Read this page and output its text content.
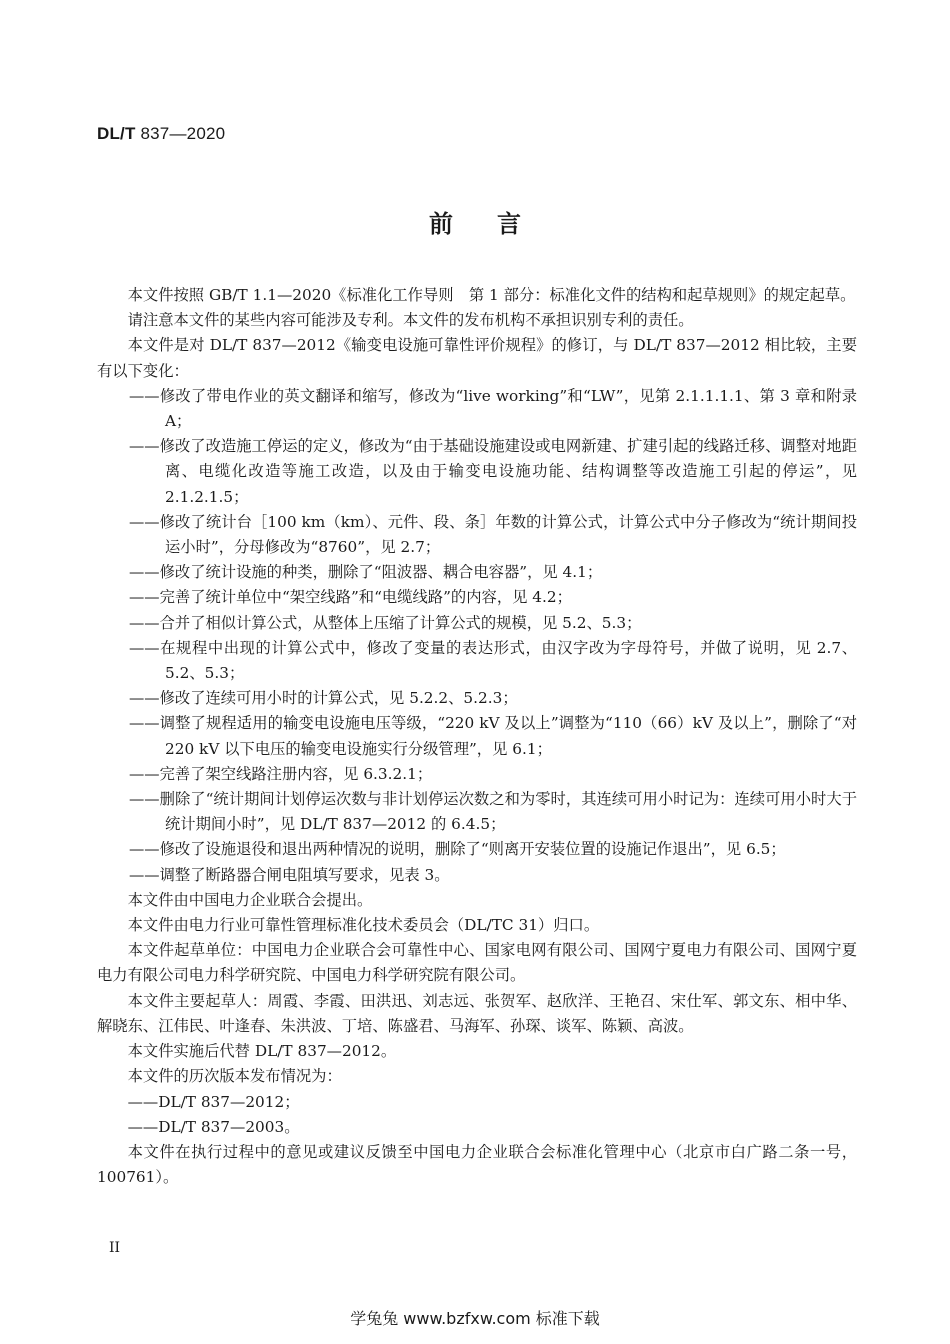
DL/T 837—2020
前言

本文件按照 GB/T 1.1—2020《标准化工作导则　第 1 部分：标准化文件的结构和起草规则》的规定起草。

请注意本文件的某些内容可能涉及专利。本文件的发布机构不承担识别专利的责任。

本文件是对 DL/T 837—2012《输变电设施可靠性评价规程》的修订，与 DL/T 837—2012 相比较，主要有以下变化：

——修改了带电作业的英文翻译和缩写，修改为“live working”和“LW”，见第 2.1.1.1.1、第 3 章和附录 A；

——修改了改造施工停运的定义，修改为“由于基础设施建设或电网新建、扩建引起的线路迁移、调整对地距离、电缆化改造等施工改造，以及由于输变电设施功能、结构调整等改造施工引起的停运”，见 2.1.2.1.5；

——修改了统计台［100 km（km）、元件、段、条］年数的计算公式，计算公式中分子修改为“统计期间投运小时”，分母修改为“8760”，见 2.7；

——修改了统计设施的种类，删除了“阻波器、耦合电容器”，见 4.1；

——完善了统计单位中“架空线路”和“电缆线路”的内容，见 4.2；

——合并了相似计算公式，从整体上压缩了计算公式的规模，见 5.2、5.3；

——在规程中出现的计算公式中，修改了变量的表达形式，由汉字改为字母符号，并做了说明，见 2.7、5.2、5.3；

——修改了连续可用小时的计算公式，见 5.2.2、5.2.3；

——调整了规程适用的输变电设施电压等级，“220 kV 及以上”调整为“110（66）kV 及以上”，删除了“对 220 kV 以下电压的输变电设施实行分级管理”，见 6.1；

——完善了架空线路注册内容，见 6.3.2.1；

——删除了“统计期间计划停运次数与非计划停运次数之和为零时，其连续可用小时记为：连续可用小时大于统计期间小时”，见 DL/T 837—2012 的 6.4.5；

——修改了设施退役和退出两种情况的说明，删除了“则离开安装位置的设施记作退出”，见 6.5；

——调整了断路器合闸电阻填写要求，见表 3。

本文件由中国电力企业联合会提出。

本文件由电力行业可靠性管理标准化技术委员会（DL/TC 31）归口。

本文件起草单位：中国电力企业联合会可靠性中心、国家电网有限公司、国网宁夏电力有限公司、国网宁夏电力有限公司电力科学研究院、中国电力科学研究院有限公司。

本文件主要起草人：周霞、李霞、田洪迅、刘志远、张贺军、赵欣洋、王艳召、宋仕军、郭文东、相中华、解晓东、江伟民、叶逢春、朱洪波、丁培、陈盛君、马海军、孙琛、谈军、陈颖、高波。

本文件实施后代替 DL/T 837—2012。

本文件的历次版本发布情况为：

——DL/T 837—2012；

——DL/T 837—2003。

本文件在执行过程中的意见或建议反馈至中国电力企业联合会标准化管理中心（北京市白广路二条一号，100761）。

II
学兔兔 www.bzfxw.com 标准下载
